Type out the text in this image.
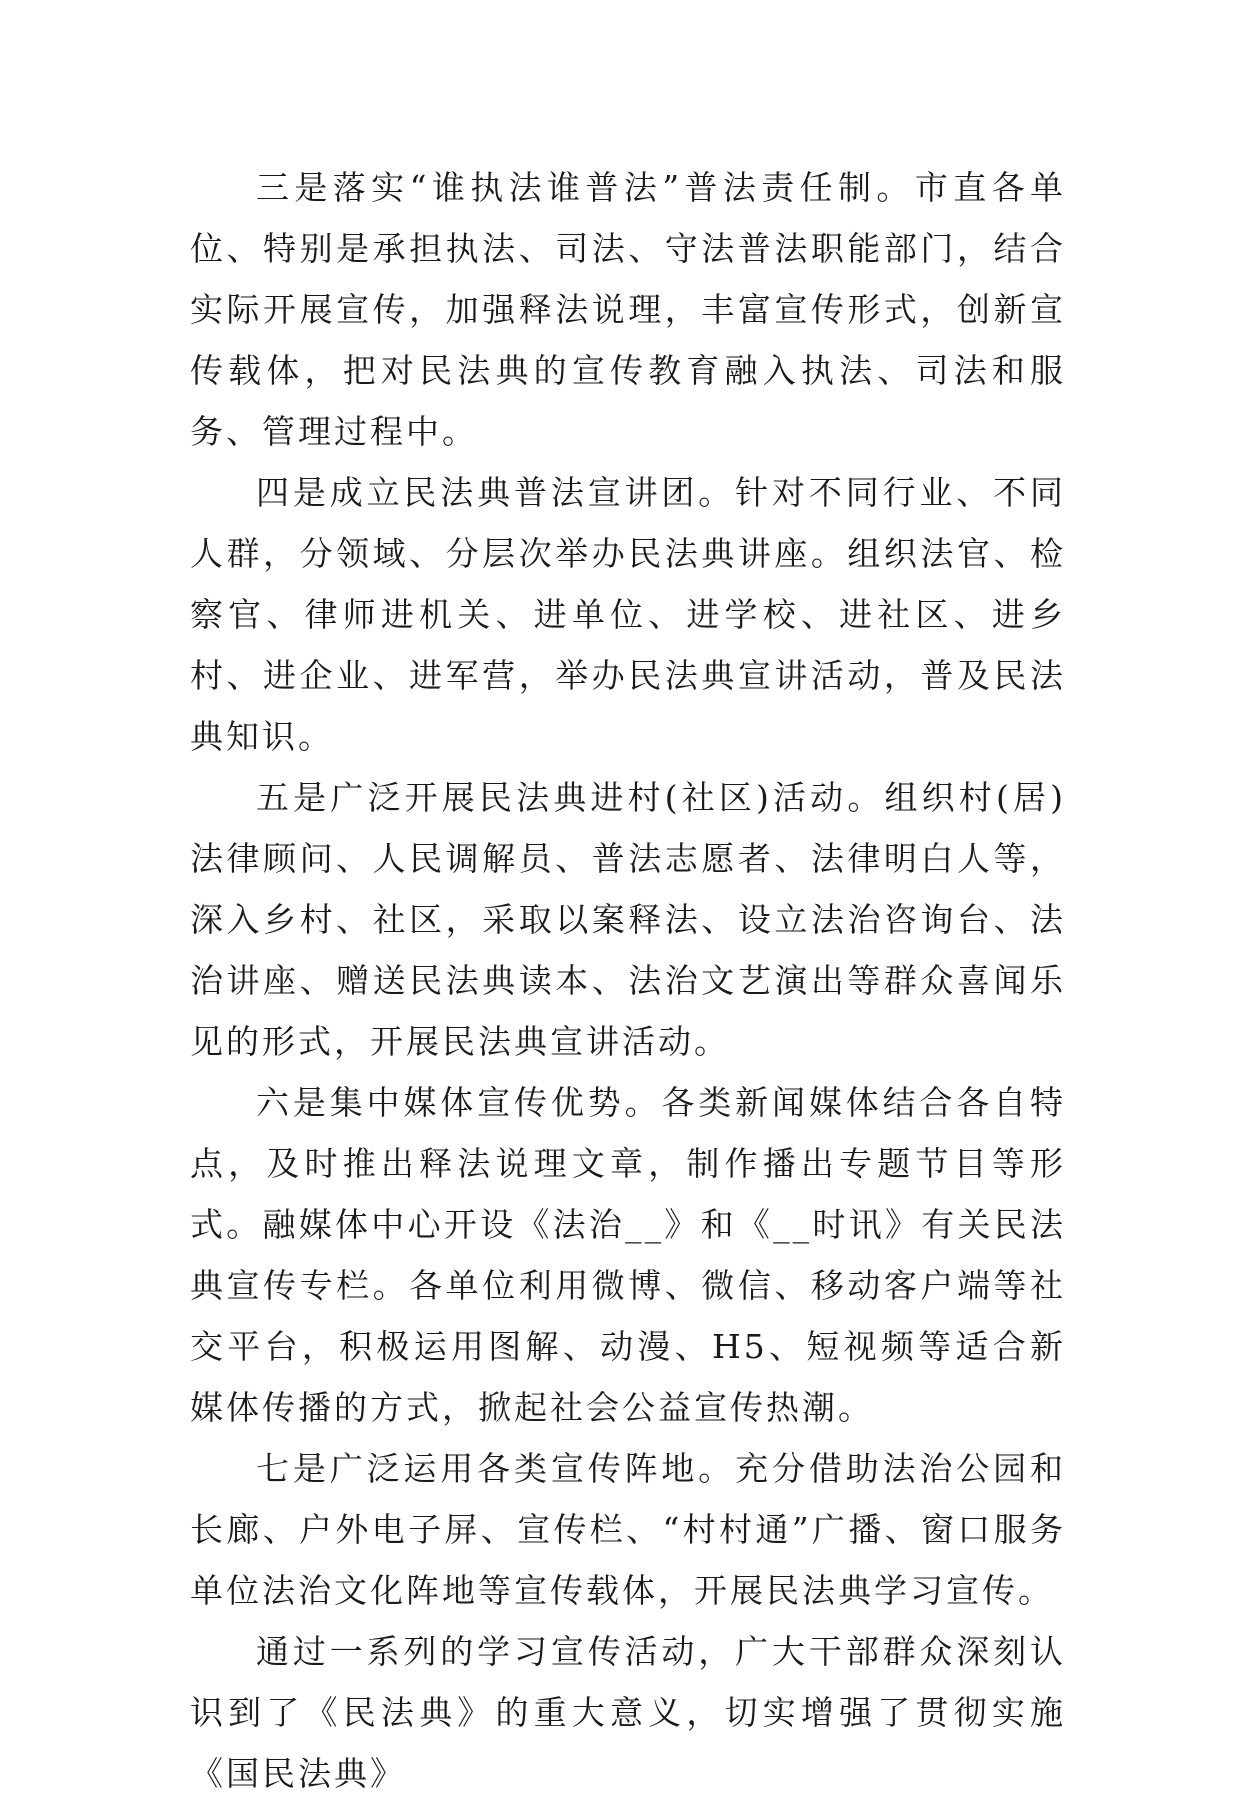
三是落实“谁执法谁普法”普法责任制。市直各单位、特别是承担执法、司法、守法普法职能部门，结合实际开展宣传，加强释法说理，丰富宣传形式，创新宣传载体，把对民法典的宣传教育融入执法、司法和服务、管理过程中。

四是成立民法典普法宣讲团。针对不同行业、不同人群，分领域、分层次举办民法典讲座。组织法官、检察官、律师进机关、进单位、进学校、进社区、进乡村、进企业、进军营，举办民法典宣讲活动，普及民法典知识。

五是广泛开展民法典进村(社区)活动。组织村(居)法律顾问、人民调解员、普法志愿者、法律明白人等，深入乡村、社区，采取以案释法、设立法治咨询台、法治讲座、赠送民法典读本、法治文艺演出等群众喜闻乐见的形式，开展民法典宣讲活动。

六是集中媒体宣传优势。各类新闻媒体结合各自特点，及时推出释法说理文章，制作播出专题节目等形式。融媒体中心开设《法治__》和《__时讯》有关民法典宣传专栏。各单位利用微博、微信、移动客户端等社交平台，积极运用图解、动漫、H5、短视频等适合新媒体传播的方式，掀起社会公益宣传热潮。

七是广泛运用各类宣传阵地。充分借助法治公园和长廊、户外电子屏、宣传栏、“村村通”广播、窗口服务单位法治文化阵地等宣传载体，开展民法典学习宣传。

通过一系列的学习宣传活动，广大干部群众深刻认识到了《民法典》的重大意义，切实增强了贯彻实施《国民法典》
